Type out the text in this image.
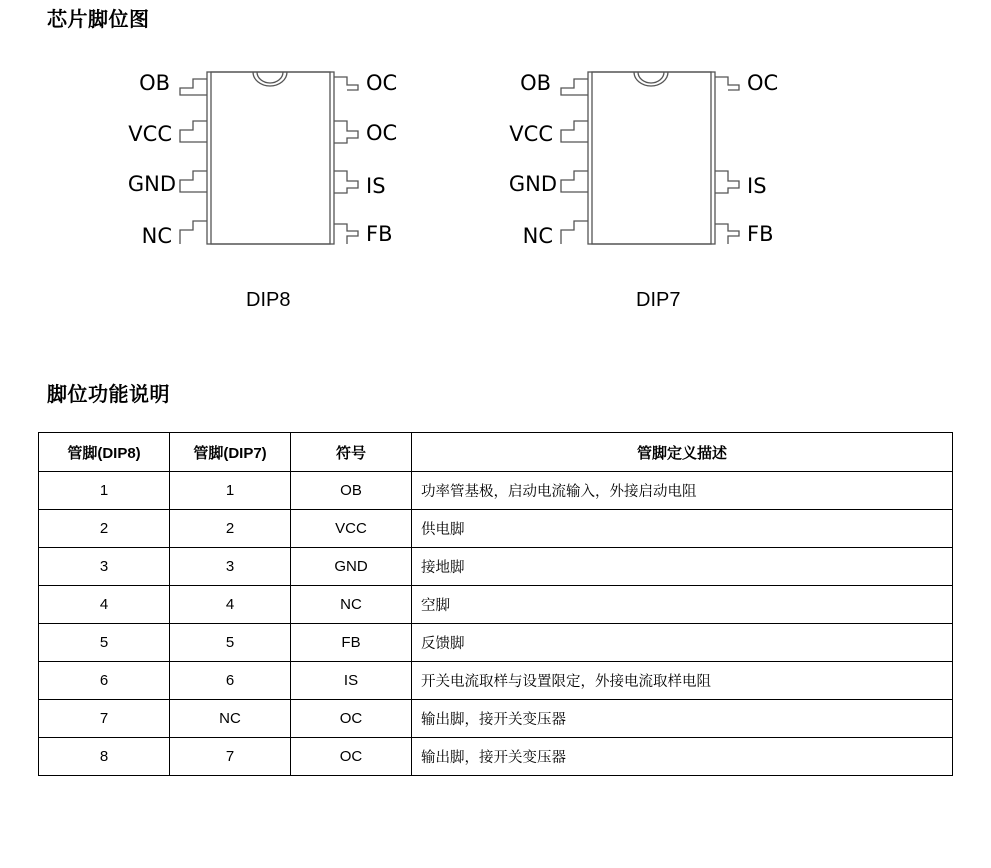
芯片脚位图
OB
VCC
GND
NC
OC
OC
IS
FB
OB
VCC
GND
NC
OC
IS
FB
DIP8	DIP7
脚位功能说明
管脚(DIP8)	管脚(DIP7)	符号	管脚定义描述
1	1	OB	功率管基极，启动电流输入，外接启动电阻
2	2	VCC	供电脚
3	3	GND	接地脚
4	4	NC	空脚
5	5	FB	反馈脚
6	6	IS	开关电流取样与设置限定，外接电流取样电阻
7	NC	OC	输出脚，接开关变压器
8	7	OC	输出脚，接开关变压器
